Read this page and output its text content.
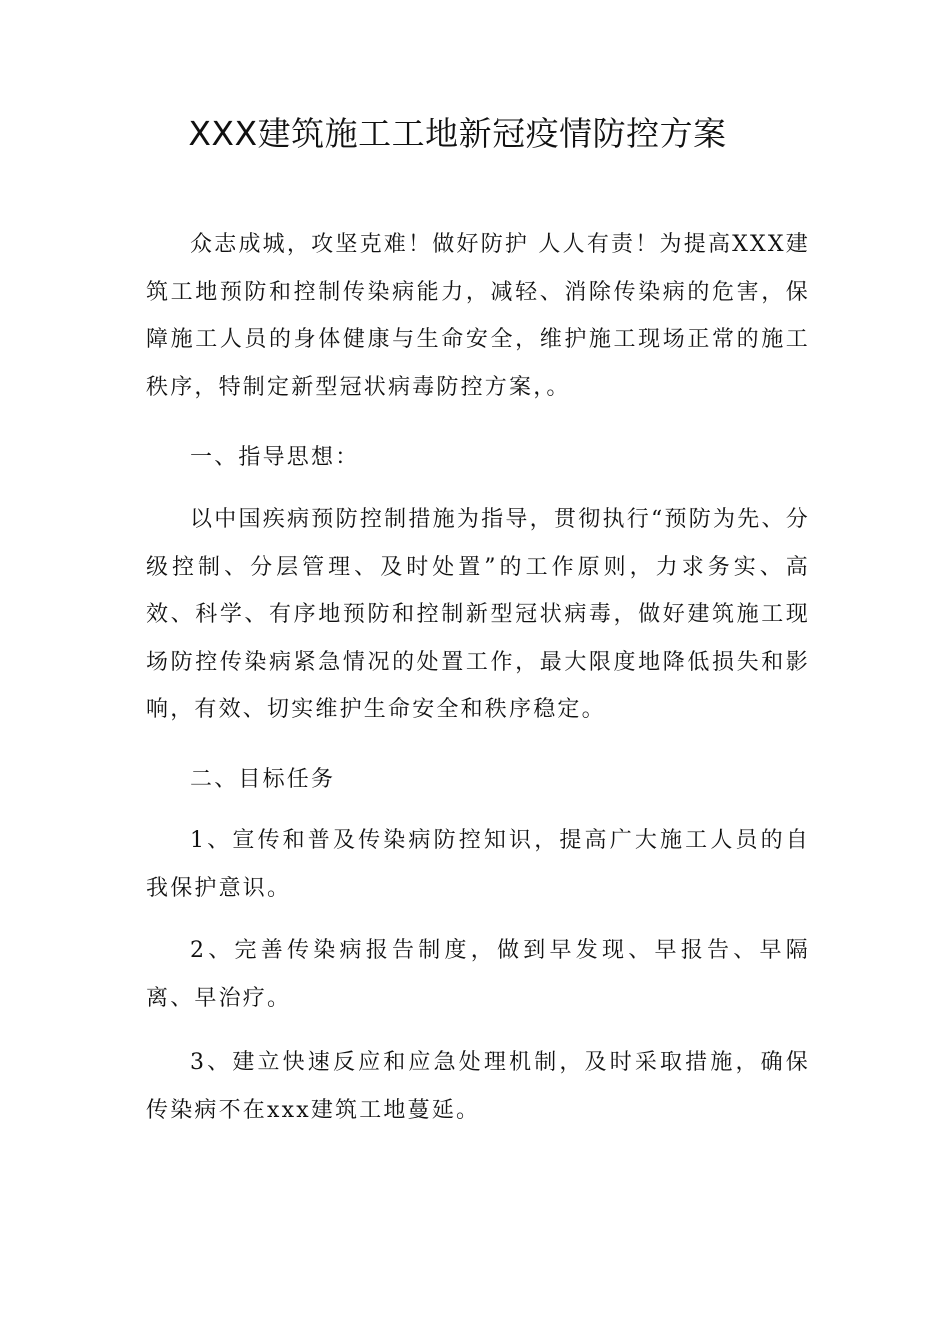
XXX建筑施工工地新冠疫情防控方案

众志成城，攻坚克难！做好防护 人人有责！为提高XXX建筑工地预防和控制传染病能力，减轻、消除传染病的危害，保障施工人员的身体健康与生命安全，维护施工现场正常的施工秩序，特制定新型冠状病毒防控方案，。

一、指导思想：

以中国疾病预防控制措施为指导，贯彻执行“预防为先、分级控制、分层管理、及时处置”的工作原则，力求务实、高效、科学、有序地预防和控制新型冠状病毒，做好建筑施工现场防控传染病紧急情况的处置工作，最大限度地降低损失和影响，有效、切实维护生命安全和秩序稳定。

二、目标任务

1、宣传和普及传染病防控知识，提高广大施工人员的自我保护意识。

2、完善传染病报告制度，做到早发现、早报告、早隔离、早治疗。

3、建立快速反应和应急处理机制，及时采取措施，确保传染病不在xxx建筑工地蔓延。
